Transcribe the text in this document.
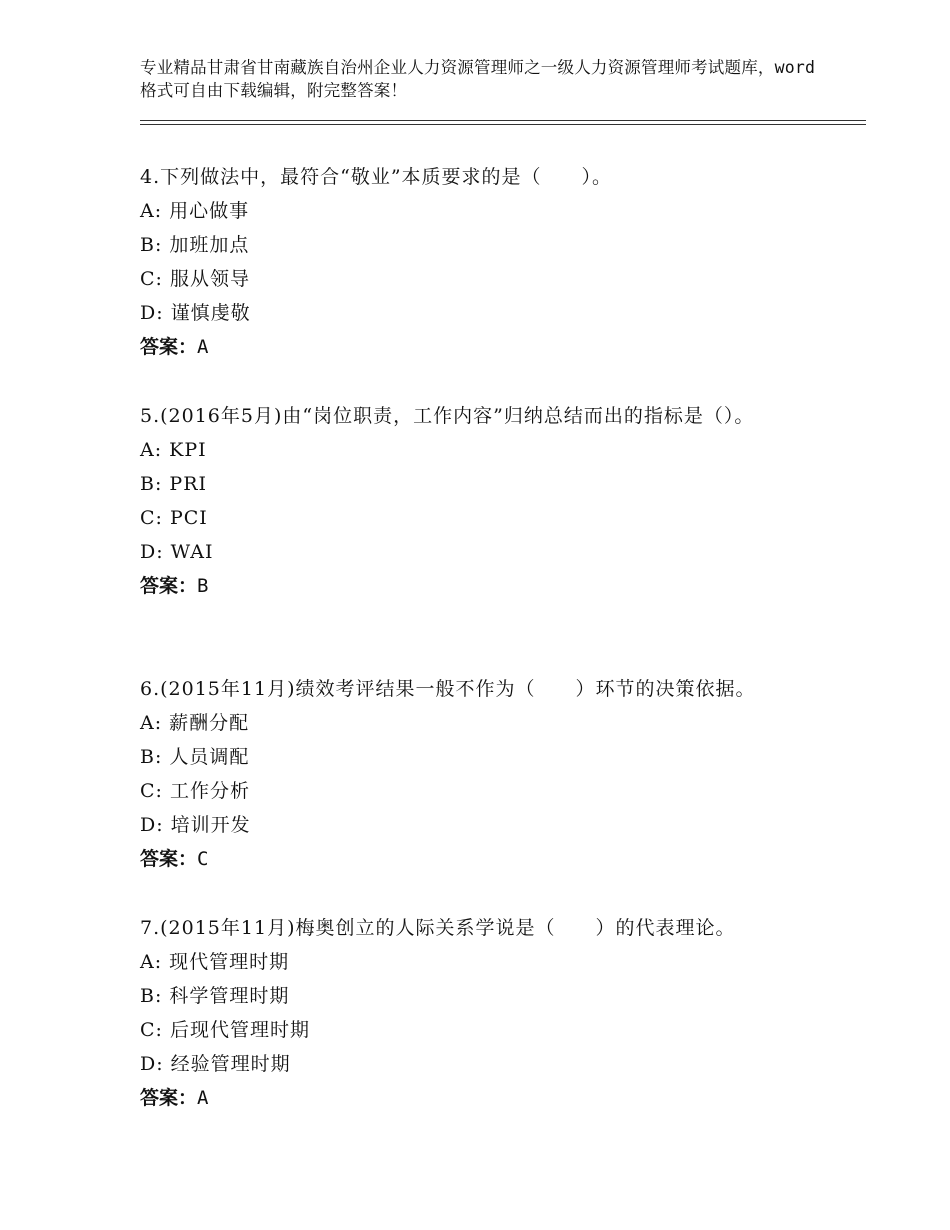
专业精品甘肃省甘南藏族自治州企业人力资源管理师之一级人力资源管理师考试题库，word格式可自由下载编辑，附完整答案！
4.下列做法中，最符合“敬业”本质要求的是（　　）。
A: 用心做事
B: 加班加点
C: 服从领导
D: 谨慎虔敬
答案：A
5.(2016年5月)由“岗位职责，工作内容”归纳总结而出的指标是（）。
A: KPI
B: PRI
C: PCI
D: WAI
答案：B
6.(2015年11月)绩效考评结果一般不作为（　　）环节的决策依据。
A: 薪酬分配
B: 人员调配
C: 工作分析
D: 培训开发
答案：C
7.(2015年11月)梅奥创立的人际关系学说是（　　）的代表理论。
A: 现代管理时期
B: 科学管理时期
C: 后现代管理时期
D: 经验管理时期
答案：A
